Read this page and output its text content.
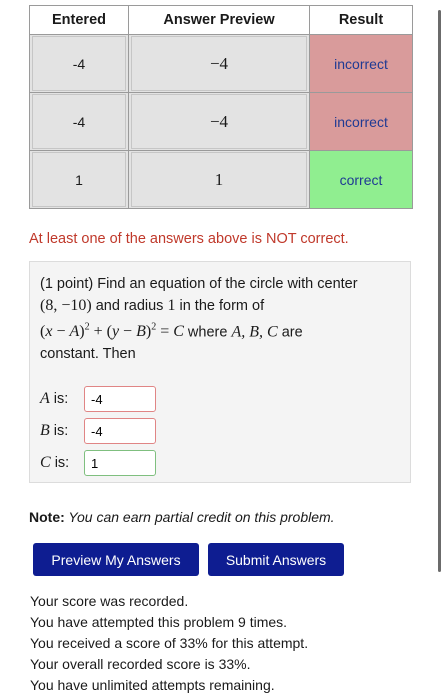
Entered	Answer Preview	Result

-4	−4	incorrect

-4	−4	incorrect

1	1	correct
At least one of the answers above is NOT correct.
(1 point) Find an equation of the circle with center
(8, −10) and radius 1 in the form of
$(x - A)^2 + (y - B)^2 = C$ where A, B, C are
constant. Then
A is:
-4
B is:
-4
C is:
1
Note: You can earn partial credit on this problem.
Preview My Answers	Submit Answers
Your score was recorded.
You have attempted this problem 9 times.
You received a score of 33% for this attempt.
Your overall recorded score is 33%.
You have unlimited attempts remaining.
